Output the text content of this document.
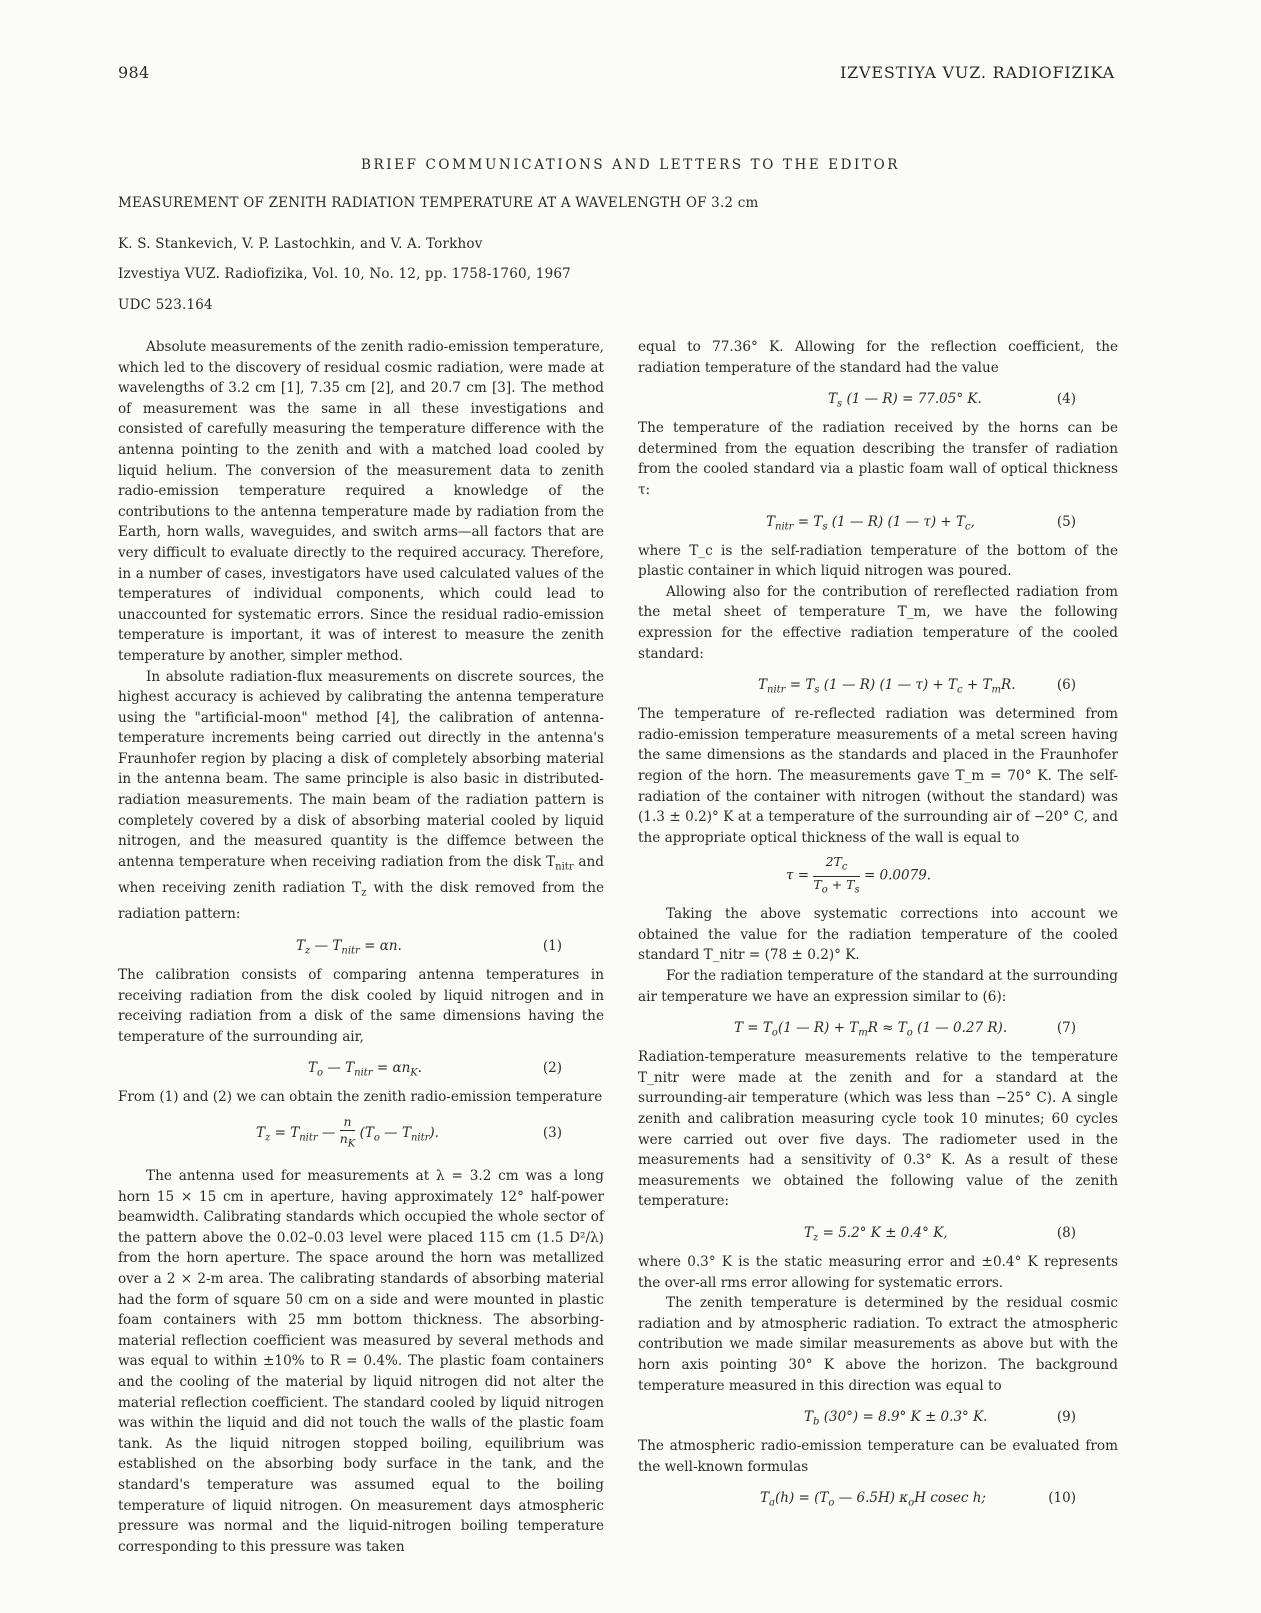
984	IZVESTIYA VUZ. RADIOFIZIKA
BRIEF COMMUNICATIONS AND LETTERS TO THE EDITOR
MEASUREMENT OF ZENITH RADIATION TEMPERATURE AT A WAVELENGTH OF 3.2 cm
K. S. Stankevich, V. P. Lastochkin, and V. A. Torkhov
Izvestiya VUZ. Radiofizika, Vol. 10, No. 12, pp. 1758-1760, 1967
UDC 523.164

Absolute measurements of the zenith radio-emission temperature, which led to the discovery of residual cosmic radiation, were made at wavelengths of 3.2 cm [1], 7.35 cm [2], and 20.7 cm [3]. The method of measurement was the same in all these investigations and consisted of carefully measuring the temperature difference with the antenna pointing to the zenith and with a matched load cooled by liquid helium. The conversion of the measurement data to zenith radio-emission temperature required a knowledge of the contributions to the antenna temperature made by radiation from the Earth, horn walls, waveguides, and switch arms—all factors that are very difficult to evaluate directly to the required accuracy. Therefore, in a number of cases, investigators have used calculated values of the temperatures of individual components, which could lead to unaccounted for systematic errors. Since the residual radio-emission temperature is important, it was of interest to measure the zenith temperature by another, simpler method.

In absolute radiation-flux measurements on discrete sources, the highest accuracy is achieved by calibrating the antenna temperature using the "artificial-moon" method [4], the calibration of antenna-temperature increments being carried out directly in the antenna's Fraunhofer region by placing a disk of completely absorbing material in the antenna beam. The same principle is also basic in distributed-radiation measurements. The main beam of the radiation pattern is completely covered by a disk of absorbing material cooled by liquid nitrogen, and the measured quantity is the diffemce between the antenna temperature when receiving radiation from the disk $T_{nitr}$ and when receiving zenith radiation $T_z$ with the disk removed from the radiation pattern:

$T_z$ — $T_{nitr} = \alpha n$.	(1)

The calibration consists of comparing antenna temperatures in receiving radiation from the disk cooled by liquid nitrogen and in receiving radiation from a disk of the same dimensions having the temperature of the surrounding air,

$T_o$ — $T_{nitr} = \alpha n_K$.	(2)

From (1) and (2) we can obtain the zenith radio-emission temperature

$T_z = T_{nitr}$ — $\frac{n}{n_K} (T_o$ — $T_{nitr}$).	(3)

The antenna used for measurements at λ = 3.2 cm was a long horn 15 × 15 cm in aperture, having approximately 12° half-power beamwidth. Calibrating standards which occupied the whole sector of the pattern above the 0.02–0.03 level were placed 115 cm (1.5 D²/λ) from the horn aperture. The space around the horn was metallized over a 2 × 2-m area. The calibrating standards of absorbing material had the form of square 50 cm on a side and were mounted in plastic foam containers with 25 mm bottom thickness. The absorbing-material reflection coefficient was measured by several methods and was equal to within ±10% to R = 0.4%. The plastic foam containers and the cooling of the material by liquid nitrogen did not alter the material reflection coefficient. The standard cooled by liquid nitrogen was within the liquid and did not touch the walls of the plastic foam tank. As the liquid nitrogen stopped boiling, equilibrium was established on the absorbing body surface in the tank, and the standard's temperature was assumed equal to the boiling temperature of liquid nitrogen. On measurement days atmospheric pressure was normal and the liquid-nitrogen boiling temperature corresponding to this pressure was taken

equal to 77.36° K. Allowing for the reflection coefficient, the radiation temperature of the standard had the value

$T_s$ (1 — R) = 77.05° K.	(4)

The temperature of the radiation received by the horns can be determined from the equation describing the transfer of radiation from the cooled standard via a plastic foam wall of optical thickness τ:

$T_{nitr} = T_s$ (1 — R) (1 — $\tau) + T_c$,	(5)

where T_c is the self-radiation temperature of the bottom of the plastic container in which liquid nitrogen was poured.

Allowing also for the contribution of rereflected radiation from the metal sheet of temperature T_m, we have the following expression for the effective radiation temperature of the cooled standard:

$T_{nitr} = T_s$ (1 — R) (1 — $\tau) + T_c + T_mR$.	(6)

The temperature of re-reflected radiation was determined from radio-emission temperature measurements of a metal screen having the same dimensions as the standards and placed in the Fraunhofer region of the horn. The measurements gave T_m = 70° K. The self-radiation of the container with nitrogen (without the standard) was (1.3 ± 0.2)° K at a temperature of the surrounding air of −20° C, and the appropriate optical thickness of the wall is equal to

$\tau = \frac{2T_c}{T_o + T_s} = 0.0079$.

Taking the above systematic corrections into account we obtained the value for the radiation temperature of the cooled standard T_nitr = (78 ± 0.2)° K.

For the radiation temperature of the standard at the surrounding air temperature we have an expression similar to (6):

$T = T_o(1$ — $R) + T_mR \approx T_o$ (1 — 0.27 R).	(7)

Radiation-temperature measurements relative to the temperature T_nitr were made at the zenith and for a standard at the surrounding-air temperature (which was less than −25° C). A single zenith and calibration measuring cycle took 10 minutes; 60 cycles were carried out over five days. The radiometer used in the measurements had a sensitivity of 0.3° K. As a result of these measurements we obtained the following value of the zenith temperature:

$T_z = 5.2^\circ$ K ± 0.4° K,	(8)

where 0.3° K is the static measuring error and ±0.4° K represents the over-all rms error allowing for systematic errors.

The zenith temperature is determined by the residual cosmic radiation and by atmospheric radiation. To extract the atmospheric contribution we made similar measurements as above but with the horn axis pointing 30° K above the horizon. The background temperature measured in this direction was equal to

$T_b$ (30°) = 8.9° K ± 0.3° K.	(9)

The atmospheric radio-emission temperature can be evaluated from the well-known formulas

$T_a(h) = (T_o$ — 6.5H) $\kappa_oH$ cosec h;	(10)
